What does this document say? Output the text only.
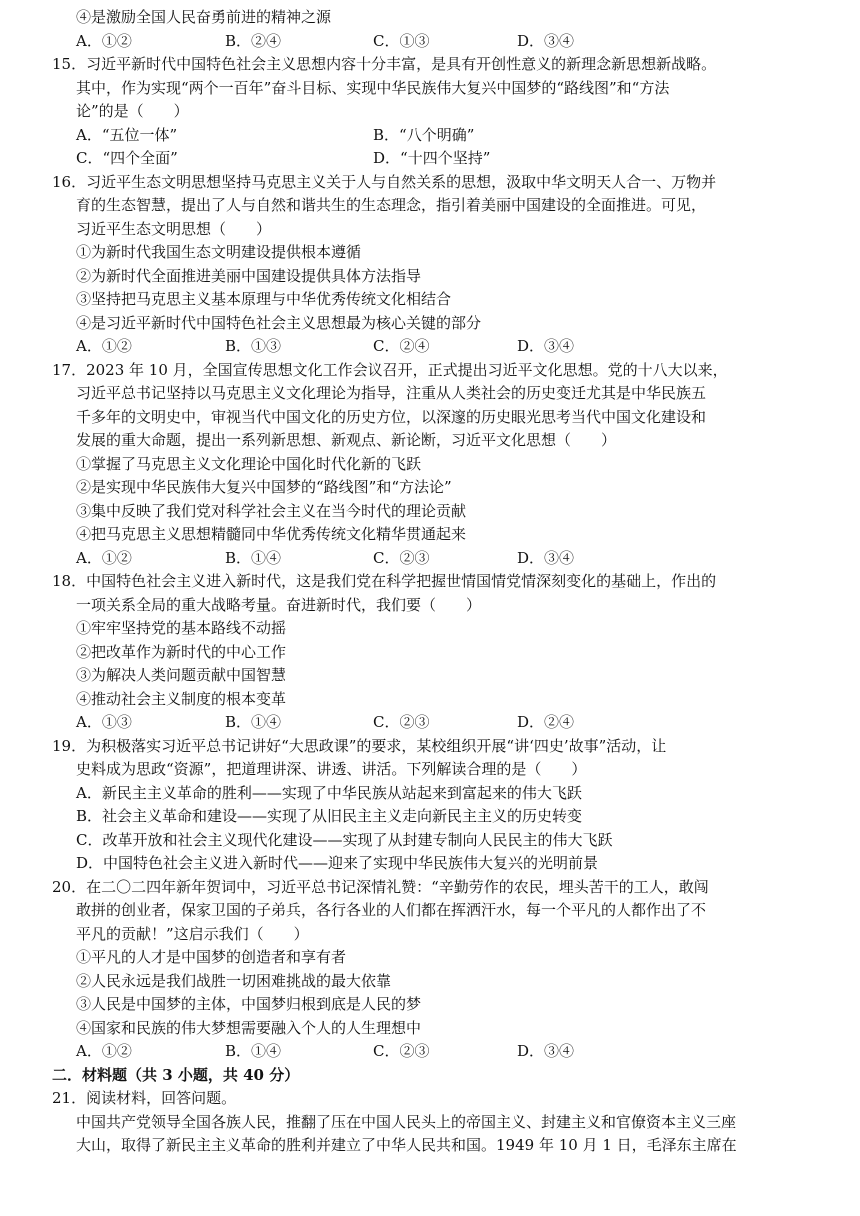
④是激励全国人民奋勇前进的精神之源
A．①②	B．②④	C．①③	D．③④
15．习近平新时代中国特色社会主义思想内容十分丰富，是具有开创性意义的新理念新思想新战略。
其中，作为实现“两个一百年”奋斗目标、实现中华民族伟大复兴中国梦的“路线图”和“方法
论”的是（　　）
A．“五位一体”	B．“八个明确”
C．“四个全面”	D．“十四个坚持”
16．习近平生态文明思想坚持马克思主义关于人与自然关系的思想，汲取中华文明天人合一、万物并
育的生态智慧，提出了人与自然和谐共生的生态理念，指引着美丽中国建设的全面推进。可见，
习近平生态文明思想（　　）
①为新时代我国生态文明建设提供根本遵循
②为新时代全面推进美丽中国建设提供具体方法指导
③坚持把马克思主义基本原理与中华优秀传统文化相结合
④是习近平新时代中国特色社会主义思想最为核心关键的部分
A．①②	B．①③	C．②④	D．③④
17．2023 年 10 月，全国宣传思想文化工作会议召开，正式提出习近平文化思想。党的十八大以来，
习近平总书记坚持以马克思主义文化理论为指导，注重从人类社会的历史变迁尤其是中华民族五
千多年的文明史中，审视当代中国文化的历史方位，以深邃的历史眼光思考当代中国文化建设和
发展的重大命题，提出一系列新思想、新观点、新论断，习近平文化思想（　　）
①掌握了马克思主义文化理论中国化时代化新的飞跃
②是实现中华民族伟大复兴中国梦的“路线图”和“方法论”
③集中反映了我们党对科学社会主义在当今时代的理论贡献
④把马克思主义思想精髓同中华优秀传统文化精华贯通起来
A．①②	B．①④	C．②③	D．③④
18．中国特色社会主义进入新时代，这是我们党在科学把握世情国情党情深刻变化的基础上，作出的
一项关系全局的重大战略考量。奋进新时代，我们要（　　）
①牢牢坚持党的基本路线不动摇
②把改革作为新时代的中心工作
③为解决人类问题贡献中国智慧
④推动社会主义制度的根本变革
A．①③	B．①④	C．②③	D．②④
19．为积极落实习近平总书记讲好“大思政课”的要求，某校组织开展“讲‘四史’故事”活动，让
史料成为思政“资源”，把道理讲深、讲透、讲活。下列解读合理的是（　　）
A．新民主主义革命的胜利——实现了中华民族从站起来到富起来的伟大飞跃
B．社会主义革命和建设——实现了从旧民主主义走向新民主主义的历史转变
C．改革开放和社会主义现代化建设——实现了从封建专制向人民民主的伟大飞跃
D．中国特色社会主义进入新时代——迎来了实现中华民族伟大复兴的光明前景
20．在二〇二四年新年贺词中，习近平总书记深情礼赞：“辛勤劳作的农民，埋头苦干的工人，敢闯
敢拼的创业者，保家卫国的子弟兵，各行各业的人们都在挥洒汗水，每一个平凡的人都作出了不
平凡的贡献！”这启示我们（　　）
①平凡的人才是中国梦的创造者和享有者
②人民永远是我们战胜一切困难挑战的最大依靠
③人民是中国梦的主体，中国梦归根到底是人民的梦
④国家和民族的伟大梦想需要融入个人的人生理想中
A．①②	B．①④	C．②③	D．③④
二．材料题（共 3 小题，共 40 分）
21．阅读材料，回答问题。
中国共产党领导全国各族人民，推翻了压在中国人民头上的帝国主义、封建主义和官僚资本主义三座
大山，取得了新民主主义革命的胜利并建立了中华人民共和国。1949 年 10 月 1 日，毛泽东主席在
